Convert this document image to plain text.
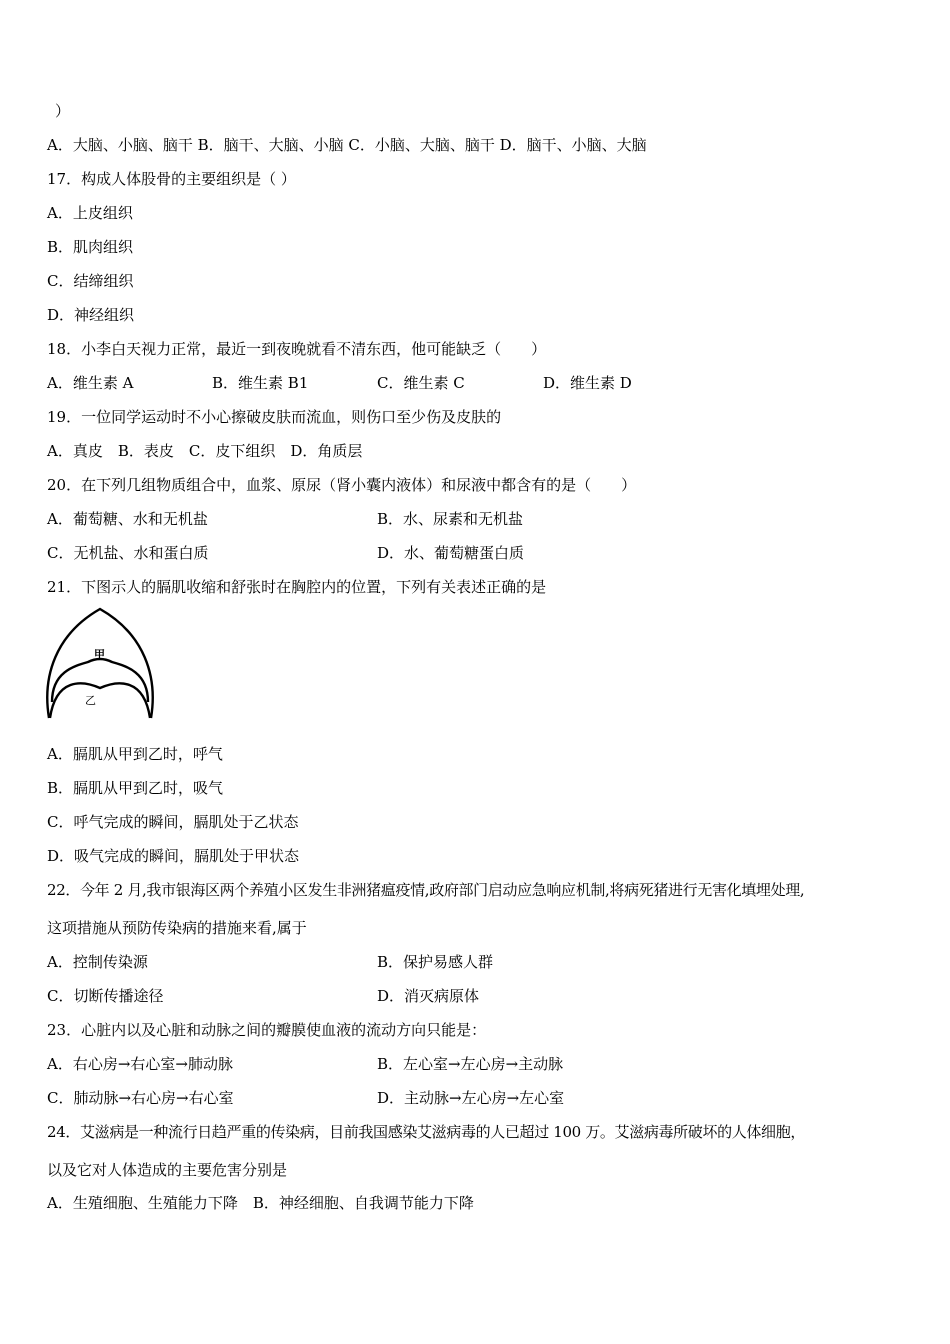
）
A．大脑、小脑、脑干 B．脑干、大脑、小脑 C．小脑、大脑、脑干 D．脑干、小脑、大脑
17．构成人体股骨的主要组织是（ ）
A．上皮组织
B．肌肉组织
C．结缔组织
D．神经组织
18．小李白天视力正常，最近一到夜晚就看不清东西，他可能缺乏（　　）
A．维生素 A	B．维生素 B1	C．维生素 C	D．维生素 D
19．一位同学运动时不小心擦破皮肤而流血，则伤口至少伤及皮肤的
A．真皮　B．表皮　C．皮下组织　D．角质层
20．在下列几组物质组合中，血浆、原尿（肾小囊内液体）和尿液中都含有的是（　　）
A．葡萄糖、水和无机盐	B．水、尿素和无机盐
C．无机盐、水和蛋白质	D．水、葡萄糖蛋白质
21．下图示人的膈肌收缩和舒张时在胸腔内的位置，下列有关表述正确的是
甲
乙
A．膈肌从甲到乙时，呼气
B．膈肌从甲到乙时，吸气
C．呼气完成的瞬间，膈肌处于乙状态
D．吸气完成的瞬间，膈肌处于甲状态
22．今年 2 月,我市银海区两个养殖小区发生非洲猪瘟疫情,政府部门启动应急响应机制,将病死猪进行无害化填埋处理,
这项措施从预防传染病的措施来看,属于
A．控制传染源	B．保护易感人群
C．切断传播途径	D．消灭病原体
23．心脏内以及心脏和动脉之间的瓣膜使血液的流动方向只能是：
A．右心房→右心室→肺动脉	B．左心室→左心房→主动脉
C．肺动脉→右心房→右心室	D．主动脉→左心房→左心室
24．艾滋病是一种流行日趋严重的传染病，目前我国感染艾滋病毒的人已超过 100 万。艾滋病毒所破坏的人体细胞，
以及它对人体造成的主要危害分别是
A．生殖细胞、生殖能力下降　B．神经细胞、自我调节能力下降
